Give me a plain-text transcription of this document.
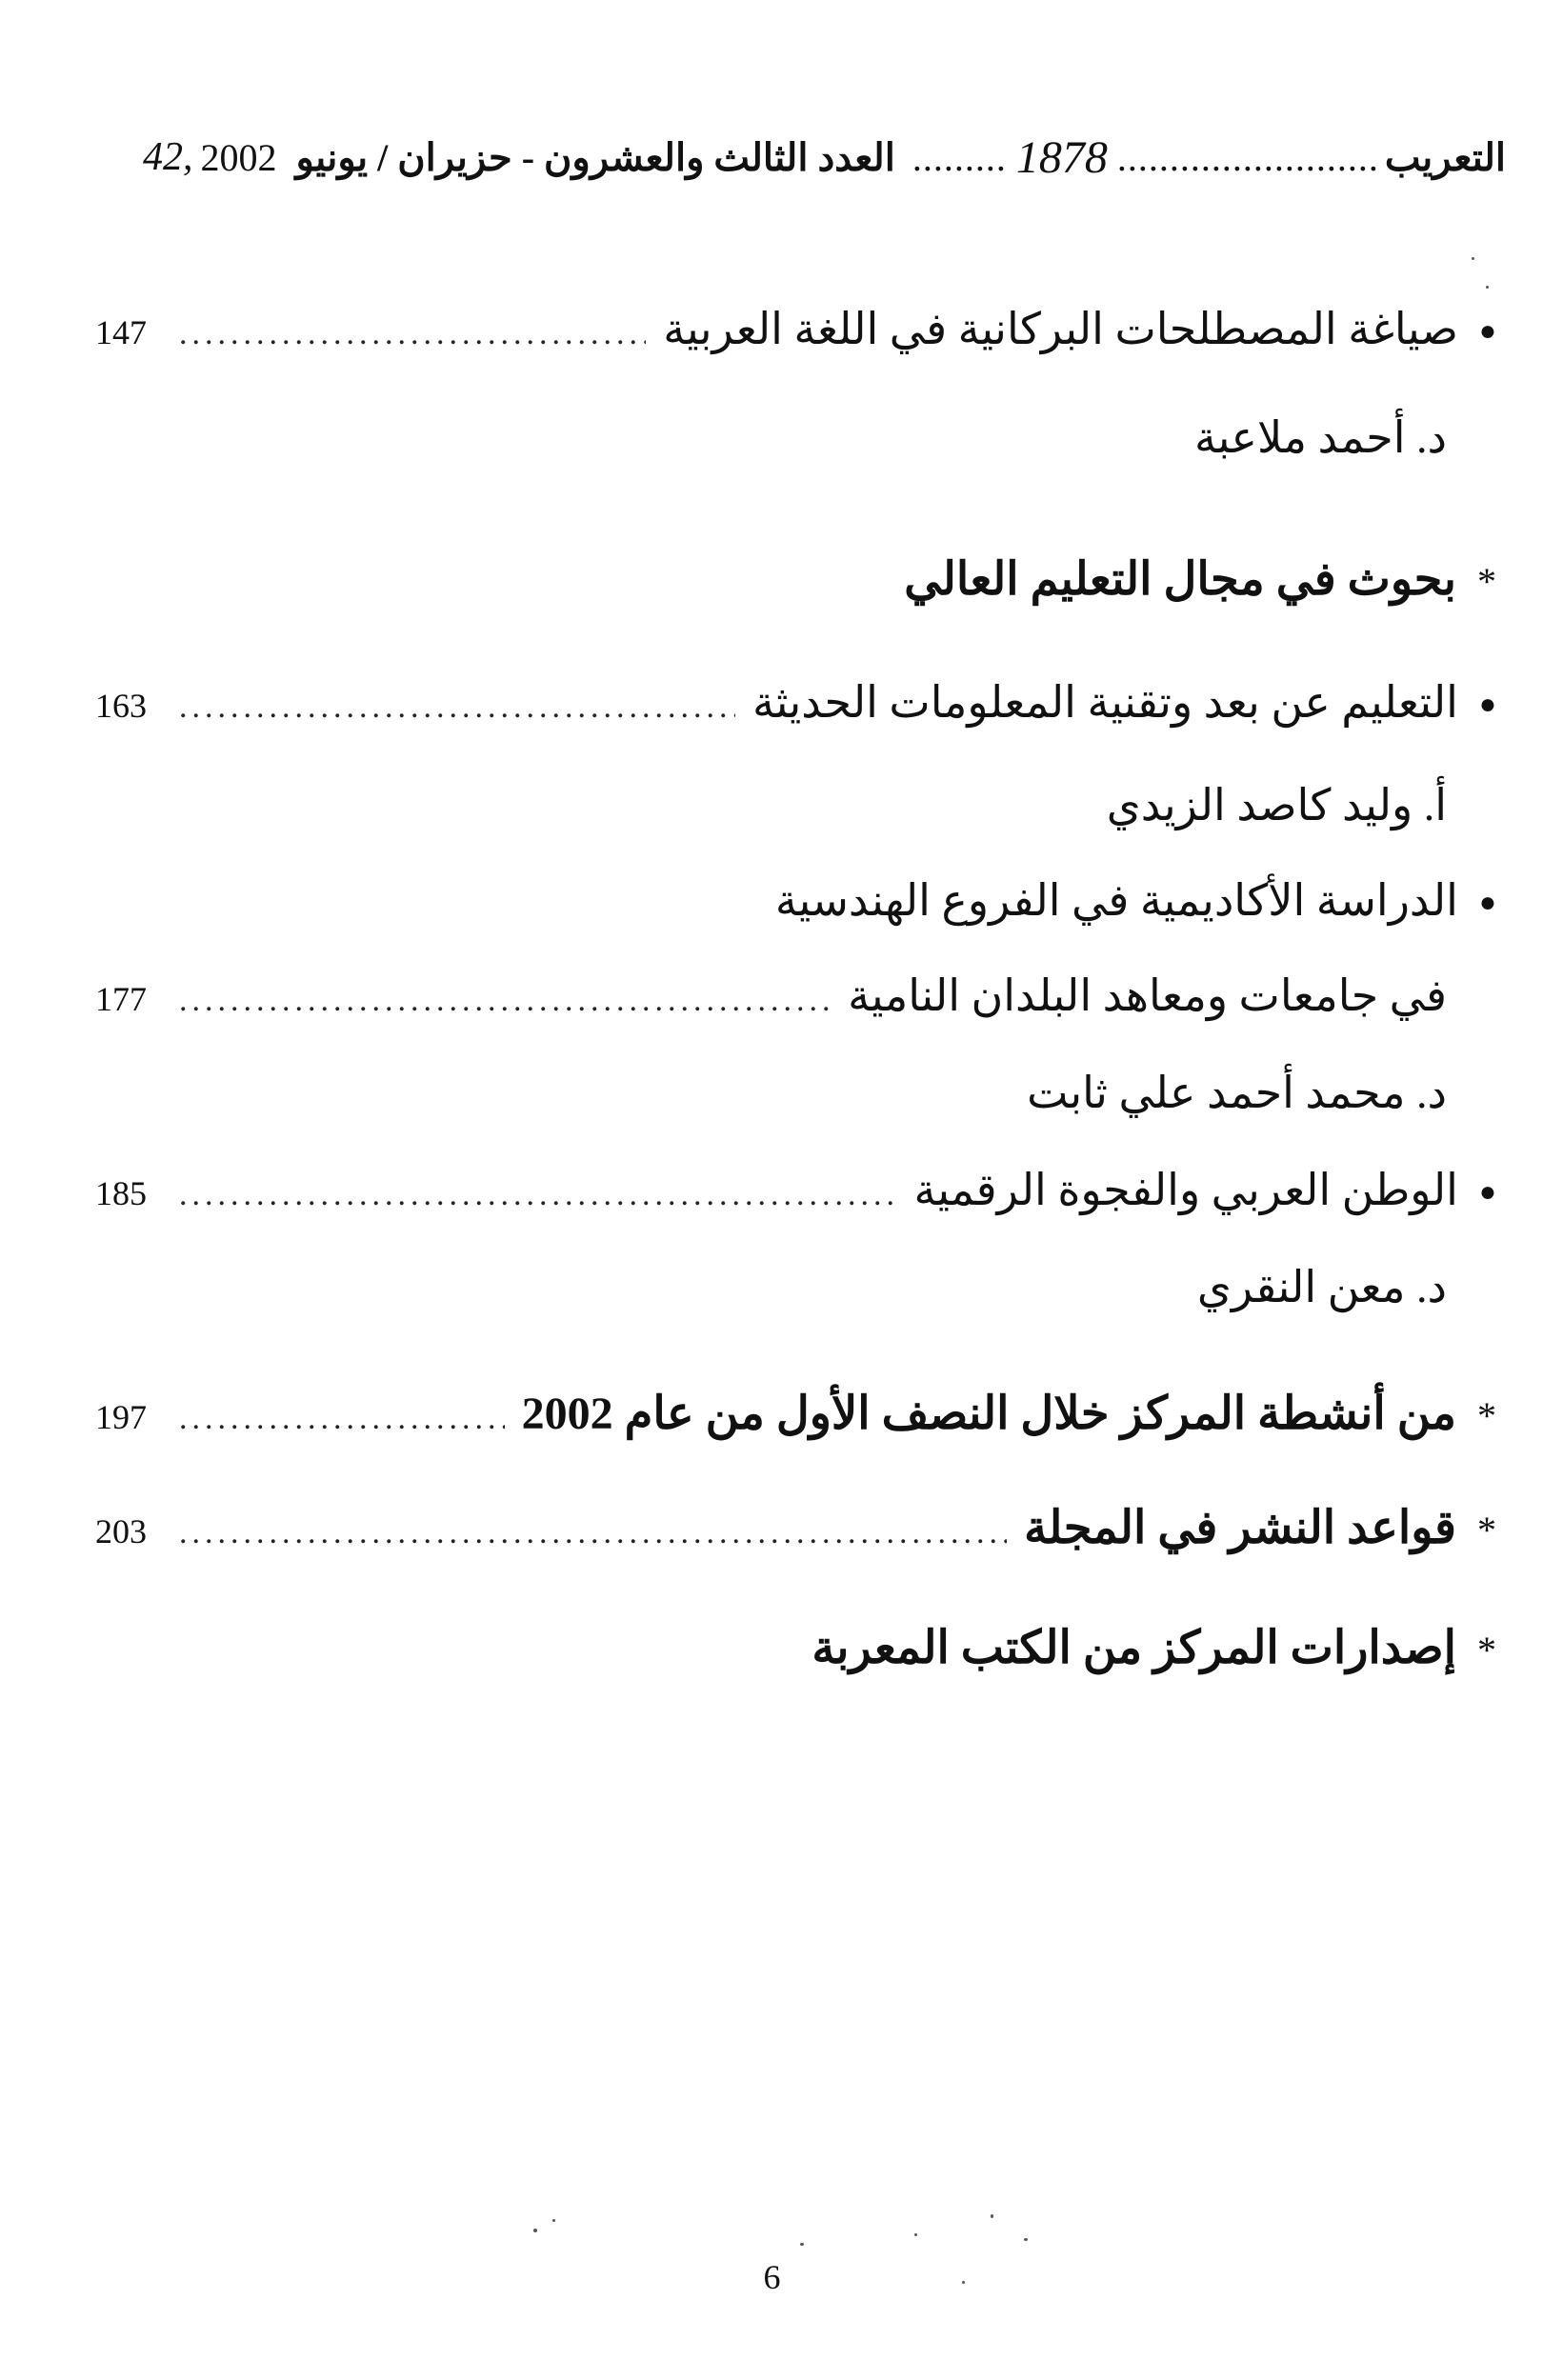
التعريب
.........................
1878
.........
العدد الثالث والعشرون - حزيران / يونيو
2002
42,
●
صياغة المصطلحات البركانية في اللغة العربية
.....
147
د. أحمد ملاعبة
*
بحوث في مجال التعليم العالي
●
التعليم عن بعد وتقنية المعلومات الحديثة
.....
163
أ. وليد كاصد الزيدي
●
الدراسة الأكاديمية في الفروع الهندسية
في جامعات ومعاهد البلدان النامية
.....
177
د. محمد أحمد علي ثابت
●
الوطن العربي والفجوة الرقمية
.....
185
د. معن النقري
*
من أنشطة المركز خلال النصف الأول من عام 2002
.....
197
*
قواعد النشر في المجلة
.....
203
*
إصدارات المركز من الكتب المعربة
6
